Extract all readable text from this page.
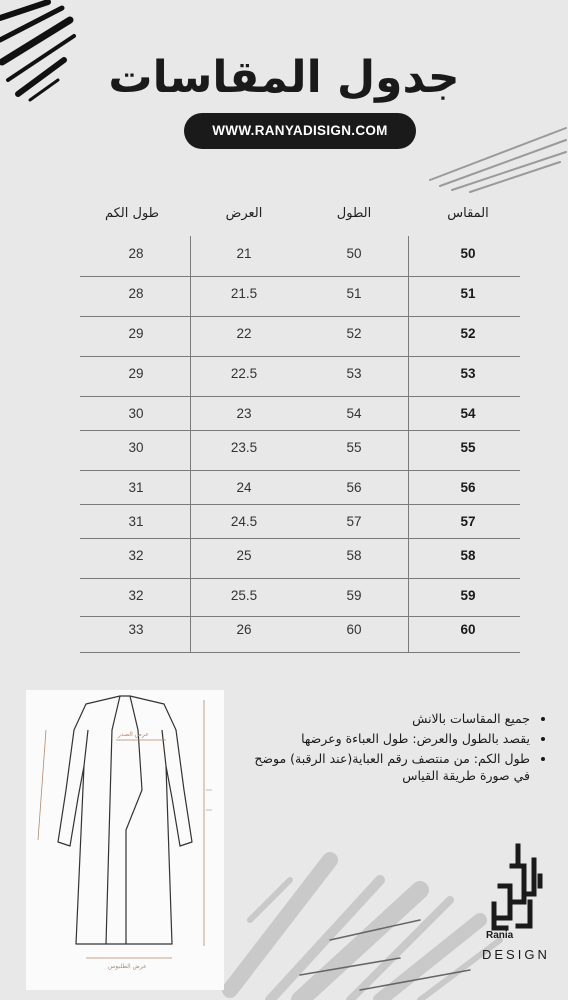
جدول المقاسات
WWW.RANYADISIGN.COM
المقاس
الطول
العرض
طول الكم
50
50
21
28
51
51
21.5
28
52
52
22
29
53
53
22.5
29
54
54
23
30
55
55
23.5
30
56
56
24
31
57
57
24.5
31
58
58
25
32
59
59
25.5
32
60
60
26
33
عرض الصدر
عرض الطلبوس
• جميع المقاسات بالانش
• يقصد بالطول والعرض: طول العباءة وعرضها
• طول الكم: من منتصف رقم العباية(عند الرقبة) موضح في صورة طريقة القياس
Rania
DESIGN
